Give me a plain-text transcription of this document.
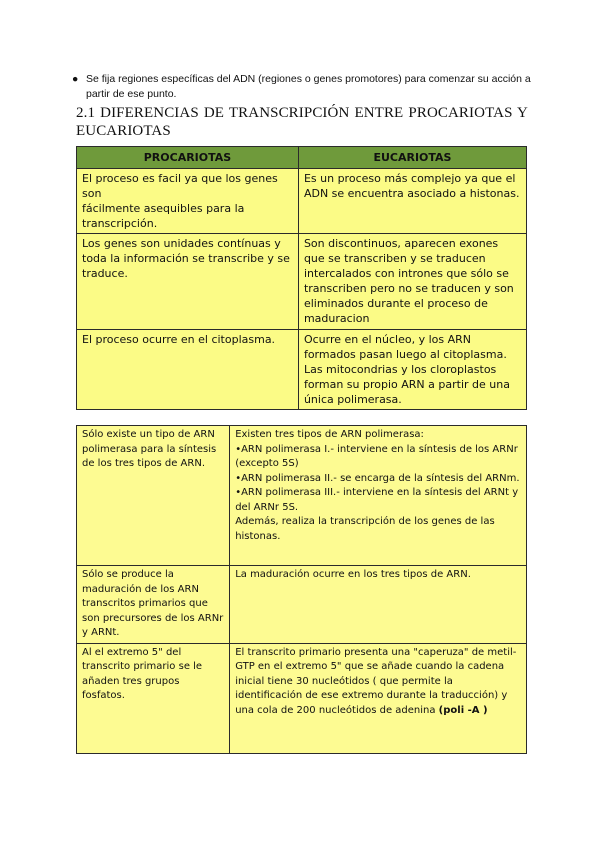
● Se fija regiones específicas del ADN (regiones o genes promotores) para comenzar su acción a partir de ese punto.
2.1 DIFERENCIAS DE TRANSCRIPCIÓN ENTRE PROCARIOTAS Y EUCARIOTAS
PROCARIOTAS	EUCARIOTAS
El proceso es facil ya que los genes son
fácilmente asequibles para la transcripción.	Es un proceso más complejo ya que el ADN se encuentra asociado a histonas.
Los genes son unidades contínuas y toda la información se transcribe y se traduce.	Son discontinuos, aparecen exones que se transcriben y se traducen intercalados con intrones que sólo se transcriben pero no se traducen y son eliminados durante el proceso de maduracion
El proceso ocurre en el citoplasma.	Ocurre en el núcleo, y los ARN formados pasan luego al citoplasma. Las mitocondrias y los cloroplastos forman su propio ARN a partir de una única polimerasa.
Sólo existe un tipo de ARN polimerasa para la síntesis de los tres tipos de ARN.	Existen tres tipos de ARN polimerasa:
•ARN polimerasa I.- interviene en la síntesis de los ARNr (excepto 5S)
•ARN polimerasa II.- se encarga de la síntesis del ARNm.
•ARN polimerasa III.- interviene en la síntesis del ARNt y del ARNr 5S.
Además, realiza la transcripción de los genes de las histonas.
Sólo se produce la maduración de los ARN transcritos primarios que son precursores de los ARNr y ARNt.	La maduración ocurre en los tres tipos de ARN.
Al el extremo 5" del transcrito primario se le añaden tres grupos fosfatos.	El transcrito primario presenta una "caperuza" de metil-GTP en el extremo 5" que se añade cuando la cadena inicial tiene 30 nucleótidos ( que permite la identificación de ese extremo durante la traducción) y una cola de 200 nucleótidos de adenina (poli -A )
